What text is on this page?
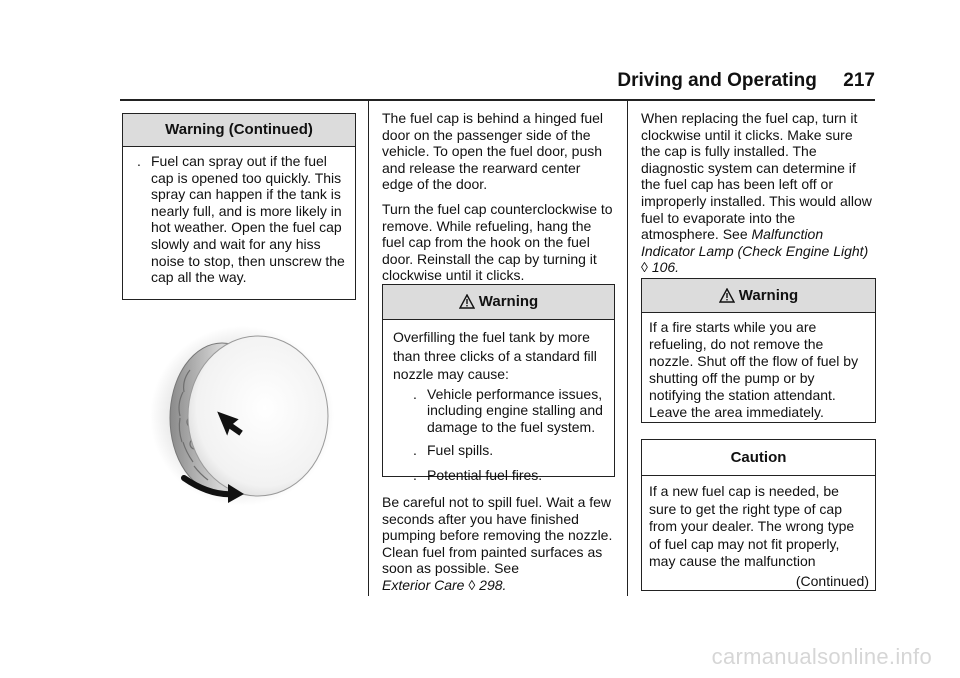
Driving and Operating 217
Warning (Continued)
. Fuel can spray out if the fuel cap is opened too quickly. This spray can happen if the tank is nearly full, and is more likely in hot weather. Open the fuel cap slowly and wait for any hiss noise to stop, then unscrew the cap all the way.

The fuel cap is behind a hinged fuel door on the passenger side of the vehicle. To open the fuel door, push and release the rearward center edge of the door.

Turn the fuel cap counterclockwise to remove. While refueling, hang the fuel cap from the hook on the fuel door. Reinstall the cap by turning it clockwise until it clicks.

Warning
Overfilling the fuel tank by more than three clicks of a standard fill nozzle may cause:
. Vehicle performance issues, including engine stalling and damage to the fuel system.
. Fuel spills.
. Potential fuel fires.

Be careful not to spill fuel. Wait a few seconds after you have finished pumping before removing the nozzle. Clean fuel from painted surfaces as soon as possible. See
Exterior Care ◊ 298.

When replacing the fuel cap, turn it clockwise until it clicks. Make sure the cap is fully installed. The diagnostic system can determine if the fuel cap has been left off or improperly installed. This would allow fuel to evaporate into the atmosphere. See Malfunction Indicator Lamp (Check Engine Light) ◊ 106.

Warning
If a fire starts while you are refueling, do not remove the nozzle. Shut off the flow of fuel by shutting off the pump or by notifying the station attendant. Leave the area immediately.
Caution
If a new fuel cap is needed, be sure to get the right type of cap from your dealer. The wrong type of fuel cap may not fit properly, may cause the malfunction
(Continued)
carmanualsonline.info
